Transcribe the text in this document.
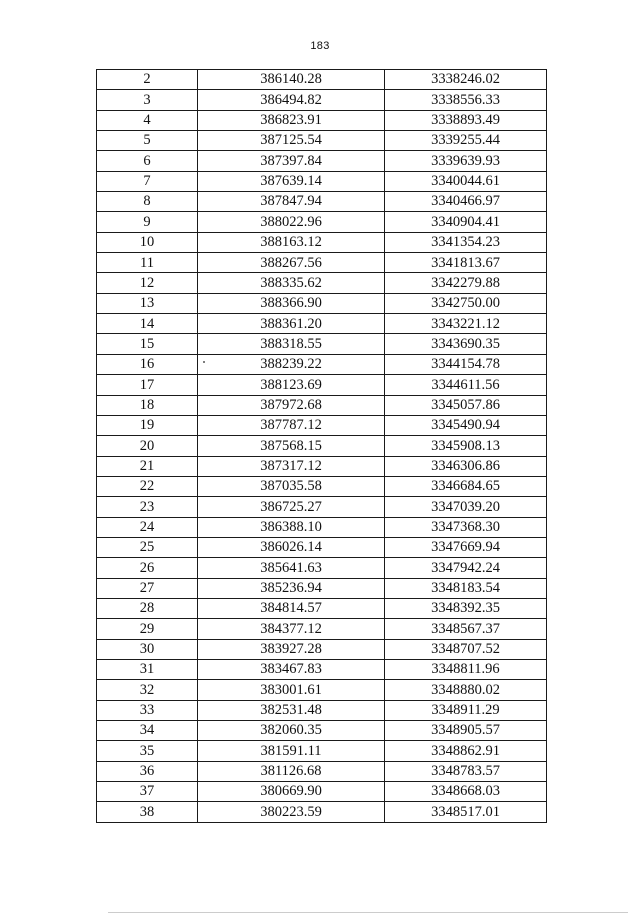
183
2	386140.28	3338246.02
3	386494.82	3338556.33
4	386823.91	3338893.49
5	387125.54	3339255.44
6	387397.84	3339639.93
7	387639.14	3340044.61
8	387847.94	3340466.97
9	388022.96	3340904.41
10	388163.12	3341354.23
11	388267.56	3341813.67
12	388335.62	3342279.88
13	388366.90	3342750.00
14	388361.20	3343221.12
15	388318.55	3343690.35
16	388239.22	3344154.78
17	388123.69	3344611.56
18	387972.68	3345057.86
19	387787.12	3345490.94
20	387568.15	3345908.13
21	387317.12	3346306.86
22	387035.58	3346684.65
23	386725.27	3347039.20
24	386388.10	3347368.30
25	386026.14	3347669.94
26	385641.63	3347942.24
27	385236.94	3348183.54
28	384814.57	3348392.35
29	384377.12	3348567.37
30	383927.28	3348707.52
31	383467.83	3348811.96
32	383001.61	3348880.02
33	382531.48	3348911.29
34	382060.35	3348905.57
35	381591.11	3348862.91
36	381126.68	3348783.57
37	380669.90	3348668.03
38	380223.59	3348517.01
